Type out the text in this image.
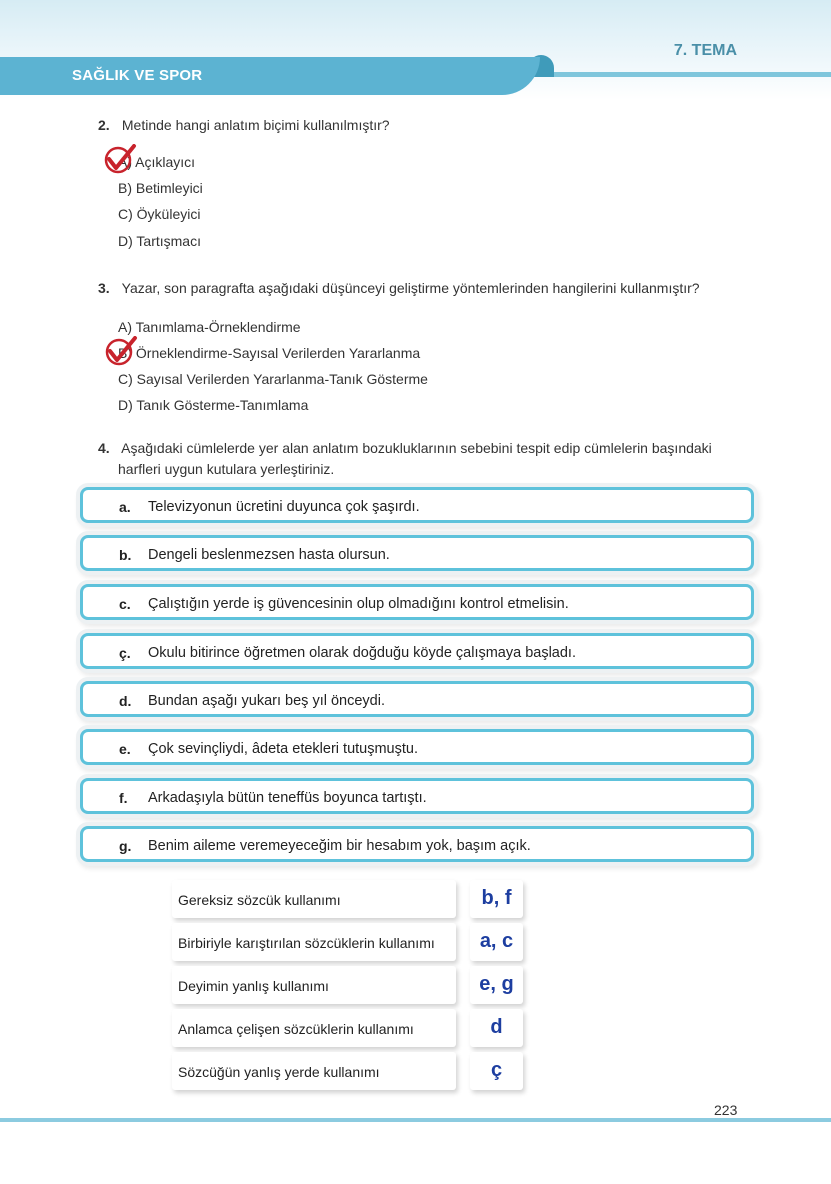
SAĞLIK VE SPOR
7. TEMA
2. Metinde hangi anlatım biçimi kullanılmıştır?
A) Açıklayıcı
B) Betimleyici
C) Öyküleyici
D) Tartışmacı
3. Yazar, son paragrafta aşağıdaki düşünceyi geliştirme yöntemlerinden hangilerini kullanmıştır?
A) Tanımlama-Örneklendirme
B) Örneklendirme-Sayısal Verilerden Yararlanma
C) Sayısal Verilerden Yararlanma-Tanık Gösterme
D) Tanık Gösterme-Tanımlama
4. Aşağıdaki cümlelerde yer alan anlatım bozukluklarının sebebini tespit edip cümlelerin başındaki
harfleri uygun kutulara yerleştiriniz.
a. Televizyonun ücretini duyunca çok şaşırdı.
b. Dengeli beslenmezsen hasta olursun.
c. Çalıştığın yerde iş güvencesinin olup olmadığını kontrol etmelisin.
ç. Okulu bitirince öğretmen olarak doğduğu köyde çalışmaya başladı.
d. Bundan aşağı yukarı beş yıl önceydi.
e. Çok sevinçliydi, âdeta etekleri tutuşmuştu.
f. Arkadaşıyla bütün teneffüs boyunca tartıştı.
g. Benim aileme veremeyeceğim bir hesabım yok, başım açık.
Gereksiz sözcük kullanımı	b, f
Birbiriyle karıştırılan sözcüklerin kullanımı	a, c
Deyimin yanlış kullanımı	e, g
Anlamca çelişen sözcüklerin kullanımı	d
Sözcüğün yanlış yerde kullanımı	ç
223
